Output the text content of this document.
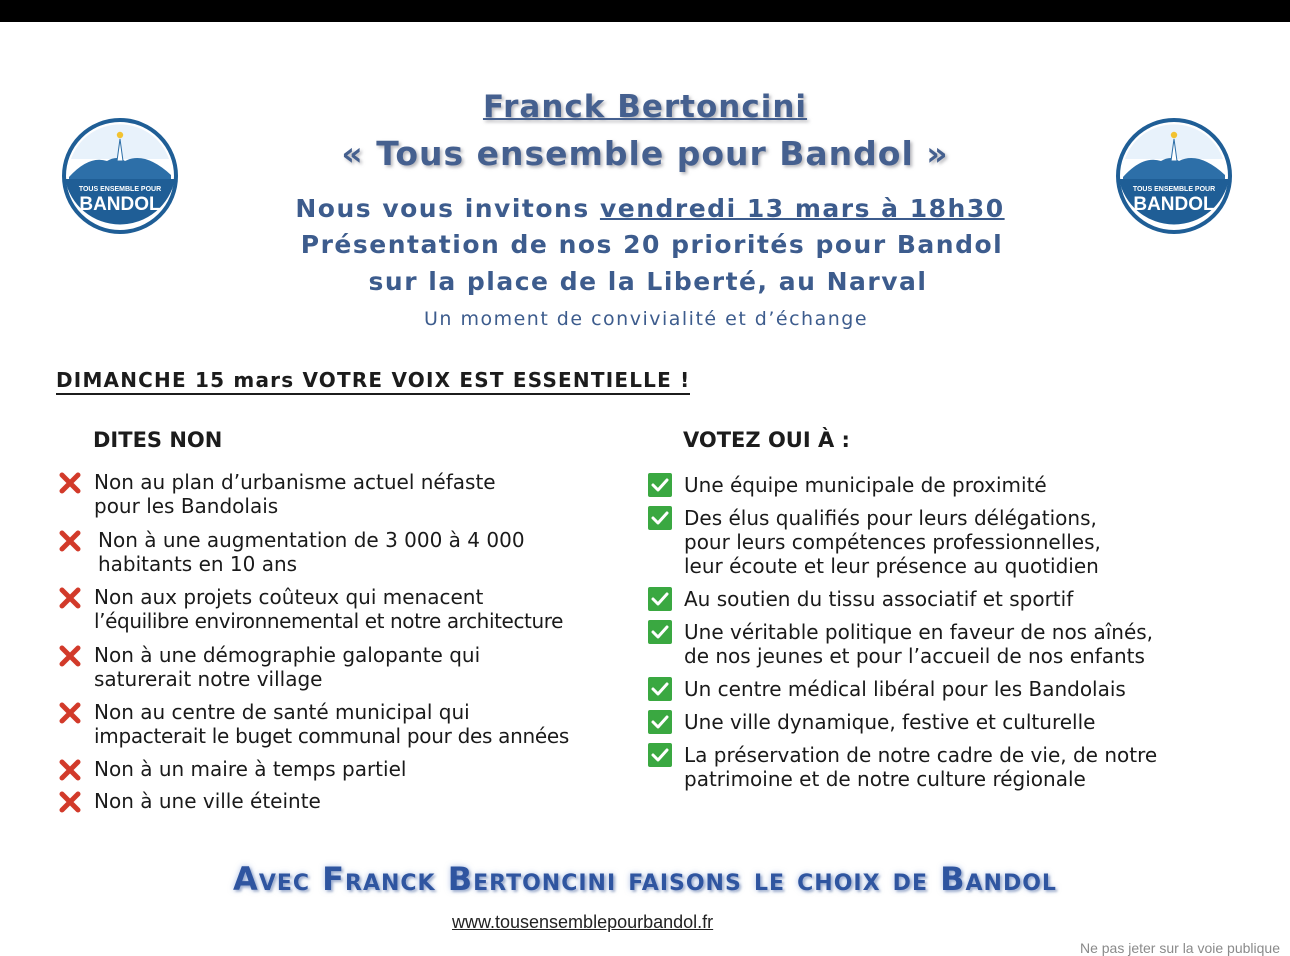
TOUS ENSEMBLE POUR
BANDOL
TOUS ENSEMBLE POUR
BANDOL
Franck Bertoncini
« Tous ensemble pour Bandol »
Nous vous invitons vendredi 13 mars à 18h30
Présentation de nos 20 priorités pour Bandol
sur la place de la Liberté, au Narval
Un moment de convivialité et d’échange
DIMANCHE 15 mars VOTRE VOIX EST ESSENTIELLE !
DITES NON	VOTEZ OUI À :
Non au plan d’urbanisme actuel néfaste
pour les Bandolais
Non à une augmentation de 3 000 à 4 000
habitants en 10 ans
Non aux projets coûteux qui menacent
l’équilibre environnemental et notre architecture
Non à une démographie galopante qui
saturerait notre village
Non au centre de santé municipal qui
impacterait le buget communal pour des années
Non à un maire à temps partiel
Non à une ville éteinte
Une équipe municipale de proximité
Des élus qualifiés pour leurs délégations,
pour leurs compétences professionnelles,
leur écoute et leur présence au quotidien
Au soutien du tissu associatif et sportif
Une véritable politique en faveur de nos aînés,
de nos jeunes et pour l’accueil de nos enfants
Un centre médical libéral pour les Bandolais
Une ville dynamique, festive et culturelle
La préservation de notre cadre de vie, de notre
patrimoine et de notre culture régionale
Avec Franck Bertoncini faisons le choix de Bandol
www.tousensemblepourbandol.fr
Ne pas jeter sur la voie publique
